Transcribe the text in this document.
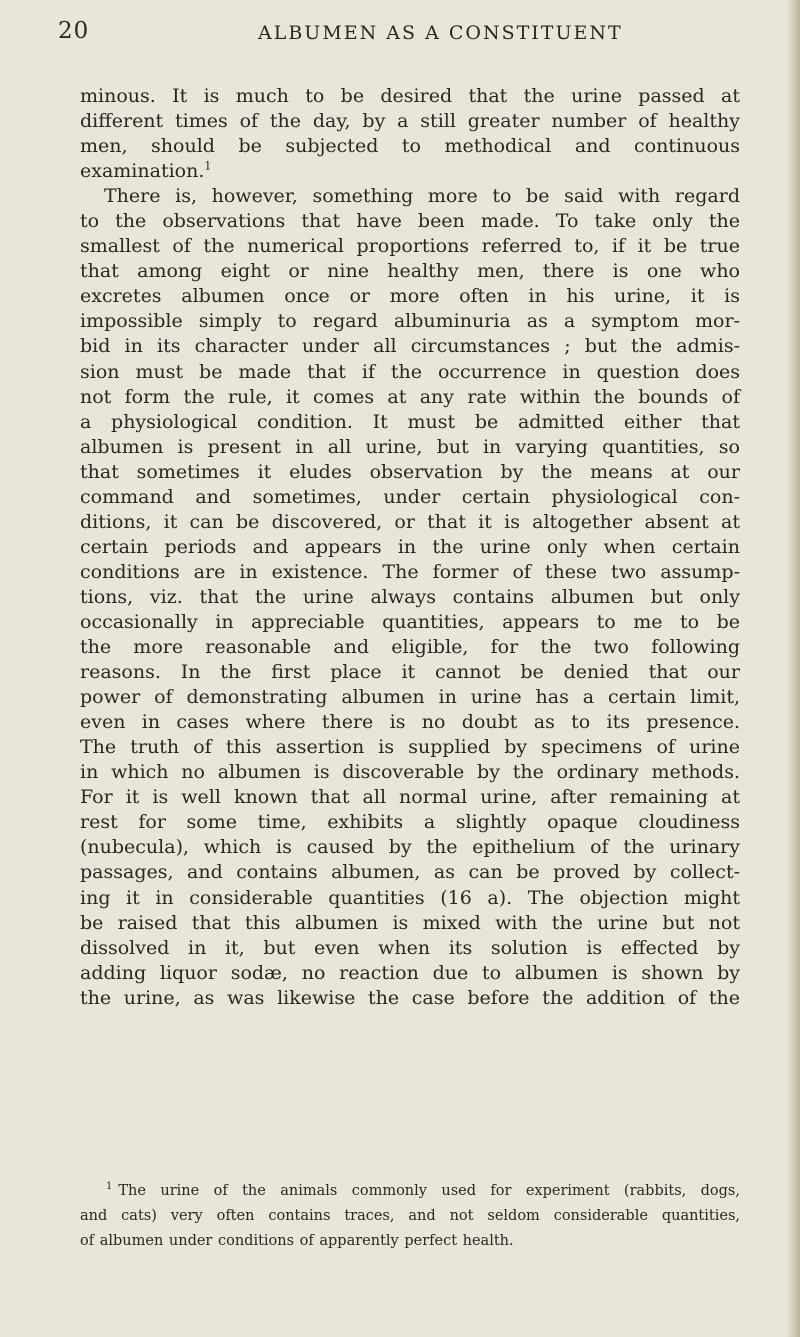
20	ALBUMEN AS A CONSTITUENT
minous. It is much to be desired that the urine passed at
different times of the day, by a still greater number of healthy
men, should be subjected to methodical and continuous
examination.$^1$
There is, however, something more to be said with regard
to the observations that have been made. To take only the
smallest of the numerical proportions referred to, if it be true
that among eight or nine healthy men, there is one who
excretes albumen once or more often in his urine, it is
impossible simply to regard albuminuria as a symptom mor-
bid in its character under all circumstances ; but the admis-
sion must be made that if the occurrence in question does
not form the rule, it comes at any rate within the bounds of
a physiological condition. It must be admitted either that
albumen is present in all urine, but in varying quantities, so
that sometimes it eludes observation by the means at our
command and sometimes, under certain physiological con-
ditions, it can be discovered, or that it is altogether absent at
certain periods and appears in the urine only when certain
conditions are in existence. The former of these two assump-
tions, viz. that the urine always contains albumen but only
occasionally in appreciable quantities, appears to me to be
the more reasonable and eligible, for the two following
reasons. In the first place it cannot be denied that our
power of demonstrating albumen in urine has a certain limit,
even in cases where there is no doubt as to its presence.
The truth of this assertion is supplied by specimens of urine
in which no albumen is discoverable by the ordinary methods.
For it is well known that all normal urine, after remaining at
rest for some time, exhibits a slightly opaque cloudiness
(nubecula), which is caused by the epithelium of the urinary
passages, and contains albumen, as can be proved by collect-
ing it in considerable quantities (16 a). The objection might
be raised that this albumen is mixed with the urine but not
dissolved in it, but even when its solution is effected by
adding liquor sodæ, no reaction due to albumen is shown by
the urine, as was likewise the case before the addition of the
$^1$ The urine of the animals commonly used for experiment (rabbits, dogs,
and cats) very often contains traces, and not seldom considerable quantities,
of albumen under conditions of apparently perfect health.
